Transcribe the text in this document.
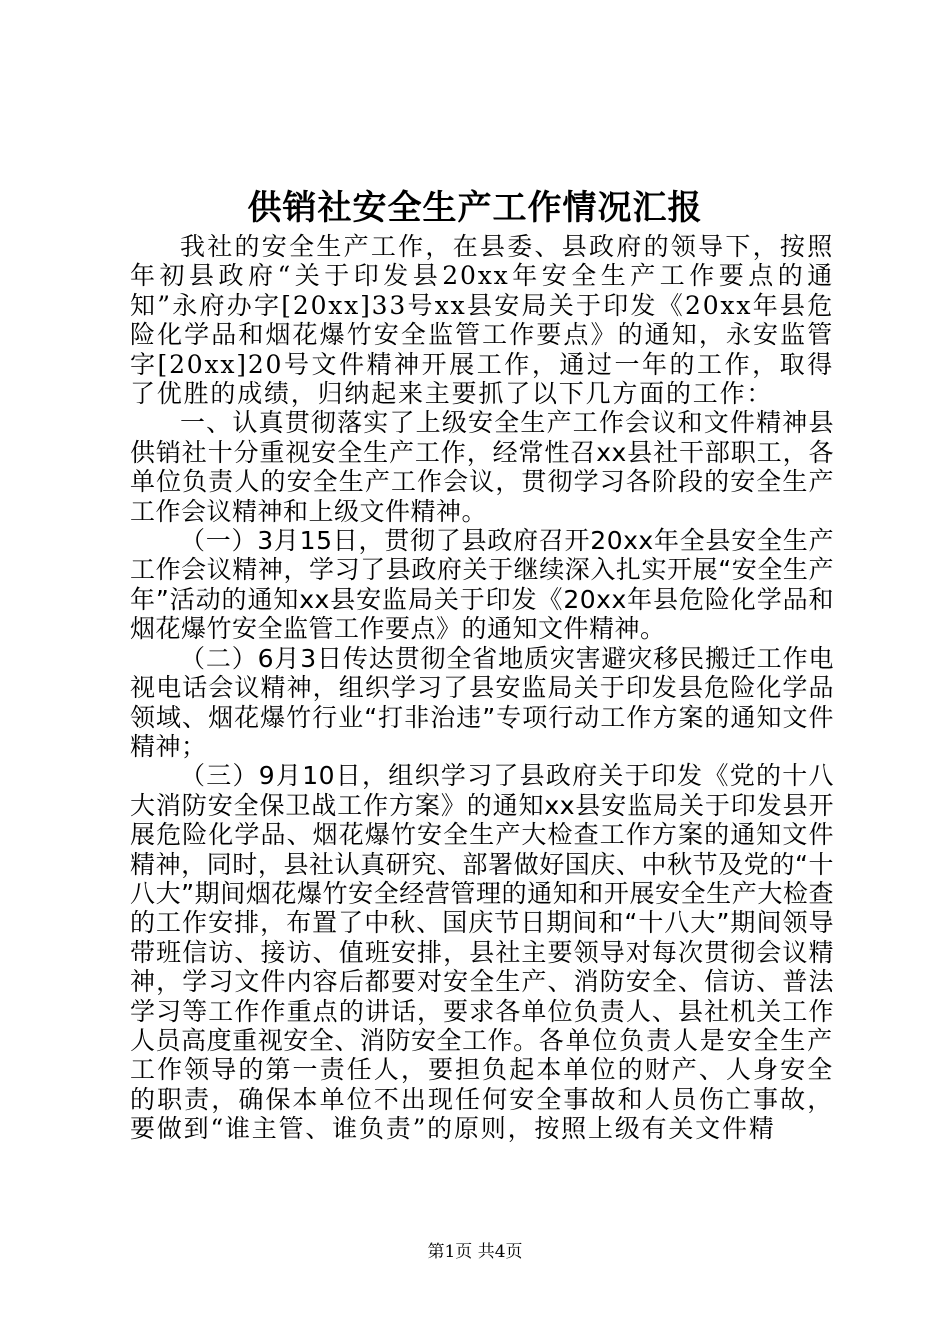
供销社安全生产工作情况汇报

我社的安全生产工作，在县委、县政府的领导下，按照年初县政府“关于印发县20xx年安全生产工作要点的通知”永府办字[20xx]33号xx县安局关于印发《20xx年县危险化学品和烟花爆竹安全监管工作要点》的通知，永安监管字[20xx]20号文件精神开展工作，通过一年的工作，取得了优胜的成绩，归纳起来主要抓了以下几方面的工作：

一、认真贯彻落实了上级安全生产工作会议和文件精神县供销社十分重视安全生产工作，经常性召xx县社干部职工，各单位负责人的安全生产工作会议，贯彻学习各阶段的安全生产工作会议精神和上级文件精神。

（一）3月15日，贯彻了县政府召开20xx年全县安全生产工作会议精神，学习了县政府关于继续深入扎实开展“安全生产年”活动的通知xx县安监局关于印发《20xx年县危险化学品和烟花爆竹安全监管工作要点》的通知文件精神。

（二）6月3日传达贯彻全省地质灾害避灾移民搬迁工作电视电话会议精神，组织学习了县安监局关于印发县危险化学品领域、烟花爆竹行业“打非治违”专项行动工作方案的通知文件精神；

（三）9月10日，组织学习了县政府关于印发《党的十八大消防安全保卫战工作方案》的通知xx县安监局关于印发县开展危险化学品、烟花爆竹安全生产大检查工作方案的通知文件精神，同时，县社认真研究、部署做好国庆、中秋节及党的“十八大”期间烟花爆竹安全经营管理的通知和开展安全生产大检查的工作安排，布置了中秋、国庆节日期间和“十八大”期间领导带班信访、接访、值班安排，县社主要领导对每次贯彻会议精神，学习文件内容后都要对安全生产、消防安全、信访、普法学习等工作作重点的讲话，要求各单位负责人、县社机关工作人员高度重视安全、消防安全工作。各单位负责人是安全生产工作领导的第一责任人，要担负起本单位的财产、人身安全的职责，确保本单位不出现任何安全事故和人员伤亡事故，要做到“谁主管、谁负责”的原则，按照上级有关文件精

第1页 共4页
